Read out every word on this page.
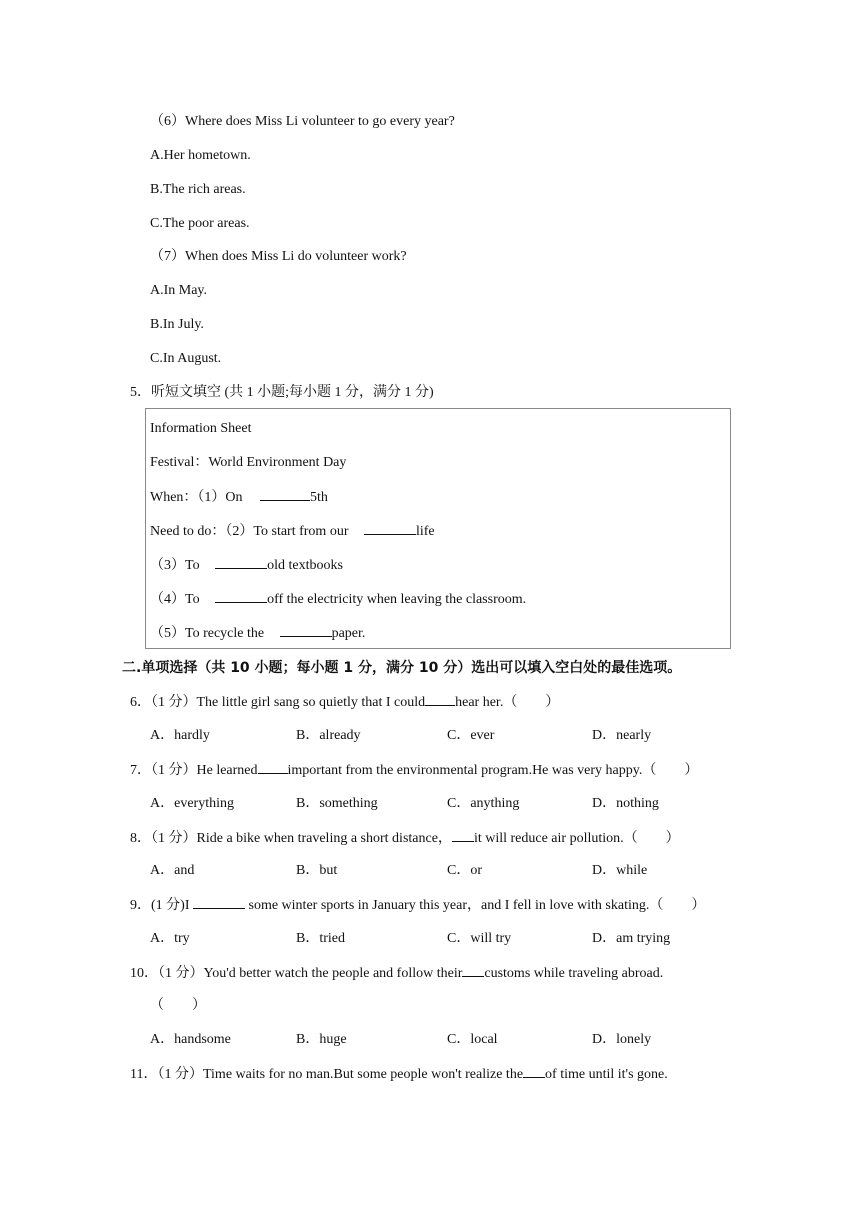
（6）Where does Miss Li volunteer to go every year?
A.Her hometown.
B.The rich areas.
C.The poor areas.
（7）When does Miss Li do volunteer work?
A.In May.
B.In July.
C.In August.
5．听短文填空 (共 1 小题;每小题 1 分，满分 1 分)
Information Sheet
Festival：World Environment Day
When：（1）On	5th
Need to do：（2）To start from our	life
（3）To	old textbooks
（4）To	off the electricity when leaving the classroom.
（5）To recycle the	paper.
二.单项选择（共 10 小题；每小题 1 分，满分 10 分）选出可以填入空白处的最佳选项。
6．（1 分）The little girl sang so quietly that I could hear her.（ ）
A．hardly	B．already	C．ever	D．nearly
7．（1 分）He learned important from the environmental program.He was very happy.（ ）
A．everything	B．something	C．anything	D．nothing
8．（1 分）Ride a bike when traveling a short distance， it will reduce air pollution.（ ）
A．and	B．but	C．or	D．while
9．(1 分)I	some winter sports in January this year，and I fell in love with skating.（ ）
A．try	B．tried	C．will try	D．am trying
10．（1 分）You'd better watch the people and follow their customs while traveling abroad.
（　　）
A．handsome	B．huge	C．local	D．lonely
11．（1 分）Time waits for no man.But some people won't realize the of time until it's gone.
